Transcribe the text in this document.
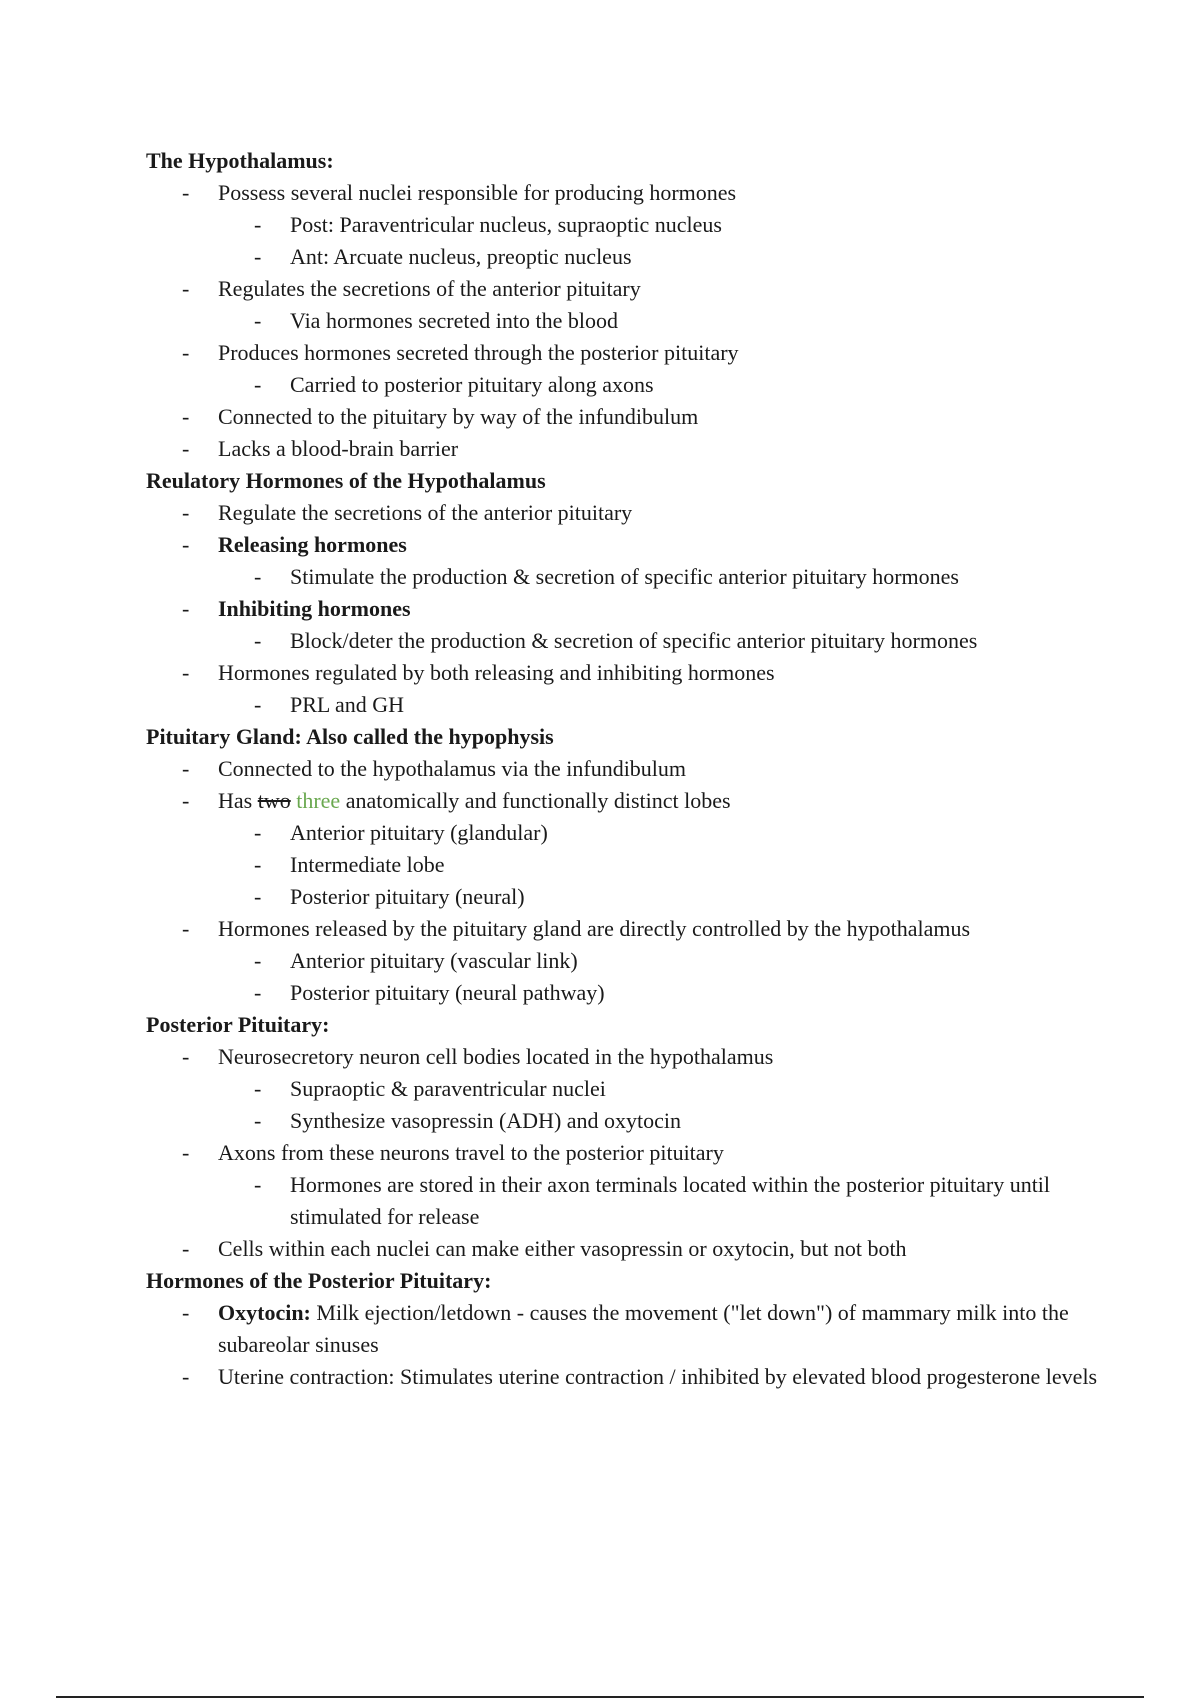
The Hypothalamus:
- Possess several nuclei responsible for producing hormones
- Post: Paraventricular nucleus, supraoptic nucleus
- Ant: Arcuate nucleus, preoptic nucleus
- Regulates the secretions of the anterior pituitary
- Via hormones secreted into the blood
- Produces hormones secreted through the posterior pituitary
- Carried to posterior pituitary along axons
- Connected to the pituitary by way of the infundibulum
- Lacks a blood-brain barrier
Reulatory Hormones of the Hypothalamus
- Regulate the secretions of the anterior pituitary
- Releasing hormones
- Stimulate the production & secretion of specific anterior pituitary hormones
- Inhibiting hormones
- Block/deter the production & secretion of specific anterior pituitary hormones
- Hormones regulated by both releasing and inhibiting hormones
- PRL and GH
Pituitary Gland: Also called the hypophysis
- Connected to the hypothalamus via the infundibulum
- Has two three anatomically and functionally distinct lobes
- Anterior pituitary (glandular)
- Intermediate lobe
- Posterior pituitary (neural)
- Hormones released by the pituitary gland are directly controlled by the hypothalamus
- Anterior pituitary (vascular link)
- Posterior pituitary (neural pathway)
Posterior Pituitary:
- Neurosecretory neuron cell bodies located in the hypothalamus
- Supraoptic & paraventricular nuclei
- Synthesize vasopressin (ADH) and oxytocin
- Axons from these neurons travel to the posterior pituitary
- Hormones are stored in their axon terminals located within the posterior pituitary until stimulated for release
- Cells within each nuclei can make either vasopressin or oxytocin, but not both
Hormones of the Posterior Pituitary:
- Oxytocin: Milk ejection/letdown - causes the movement ("let down") of mammary milk into the subareolar sinuses
- Uterine contraction: Stimulates uterine contraction / inhibited by elevated blood progesterone levels
